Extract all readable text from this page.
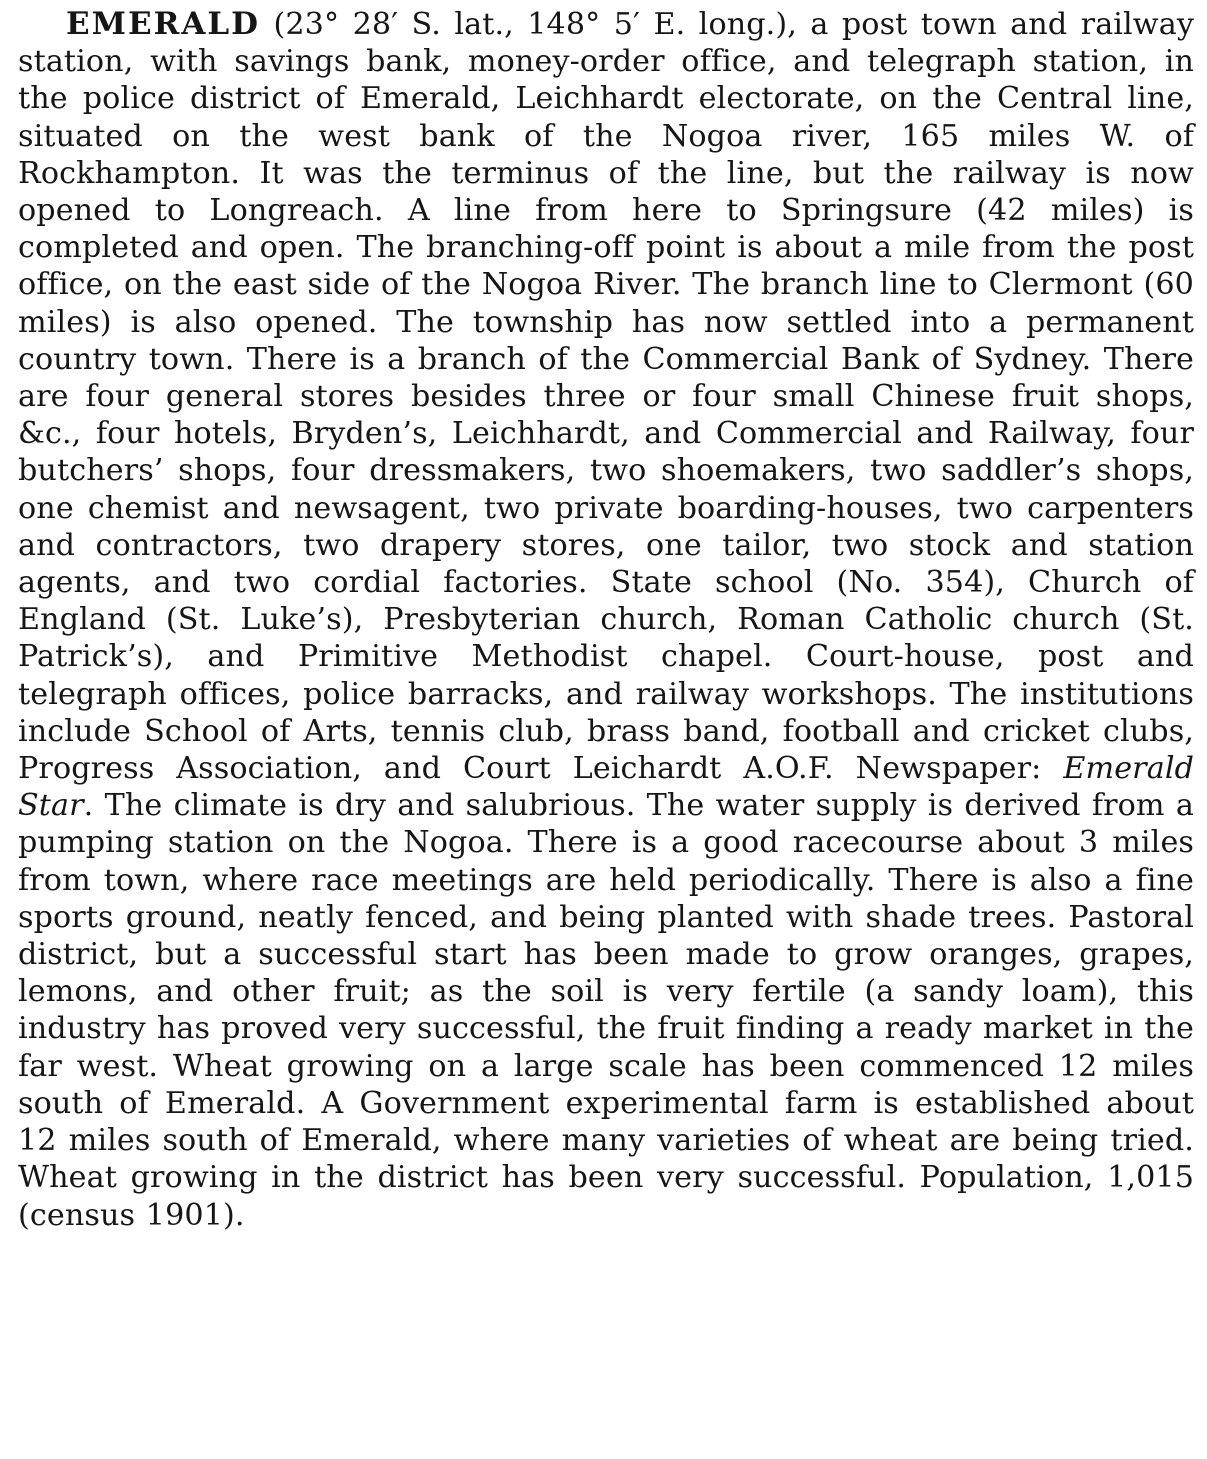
EMERALD (23° 28′ S. lat., 148° 5′ E. long.), a post town and railway station, with savings bank, money-order office, and telegraph station, in the police district of Emerald, Leichhardt electorate, on the Central line, situated on the west bank of the Nogoa river, 165 miles W. of Rockhampton. It was the terminus of the line, but the railway is now opened to Longreach. A line from here to Springsure (42 miles) is completed and open. The branching-off point is about a mile from the post office, on the east side of the Nogoa River. The branch line to Clermont (60 miles) is also opened. The township has now settled into a permanent country town. There is a branch of the Commercial Bank of Sydney. There are four general stores besides three or four small Chinese fruit shops, &c., four hotels, Bryden’s, Leichhardt, and Commercial and Railway, four butchers’ shops, four dressmakers, two shoemakers, two saddler’s shops, one chemist and newsagent, two private boarding-houses, two carpenters and contractors, two drapery stores, one tailor, two stock and station agents, and two cordial factories. State school (No. 354), Church of England (St. Luke’s), Presbyterian church, Roman Catholic church (St. Patrick’s), and Primitive Methodist chapel. Court-house, post and telegraph offices, police barracks, and railway workshops. The institutions include School of Arts, tennis club, brass band, football and cricket clubs, Progress Association, and Court Leichardt A.O.F. Newspaper: Emerald Star. The climate is dry and salubrious. The water supply is derived from a pumping station on the Nogoa. There is a good racecourse about 3 miles from town, where race meetings are held periodically. There is also a fine sports ground, neatly fenced, and being planted with shade trees. Pastoral district, but a successful start has been made to grow oranges, grapes, lemons, and other fruit; as the soil is very fertile (a sandy loam), this industry has proved very successful, the fruit finding a ready market in the far west. Wheat growing on a large scale has been commenced 12 miles south of Emerald. A Government experimental farm is established about 12 miles south of Emerald, where many varieties of wheat are being tried. Wheat growing in the district has been very successful. Population, 1,015 (census 1901).
